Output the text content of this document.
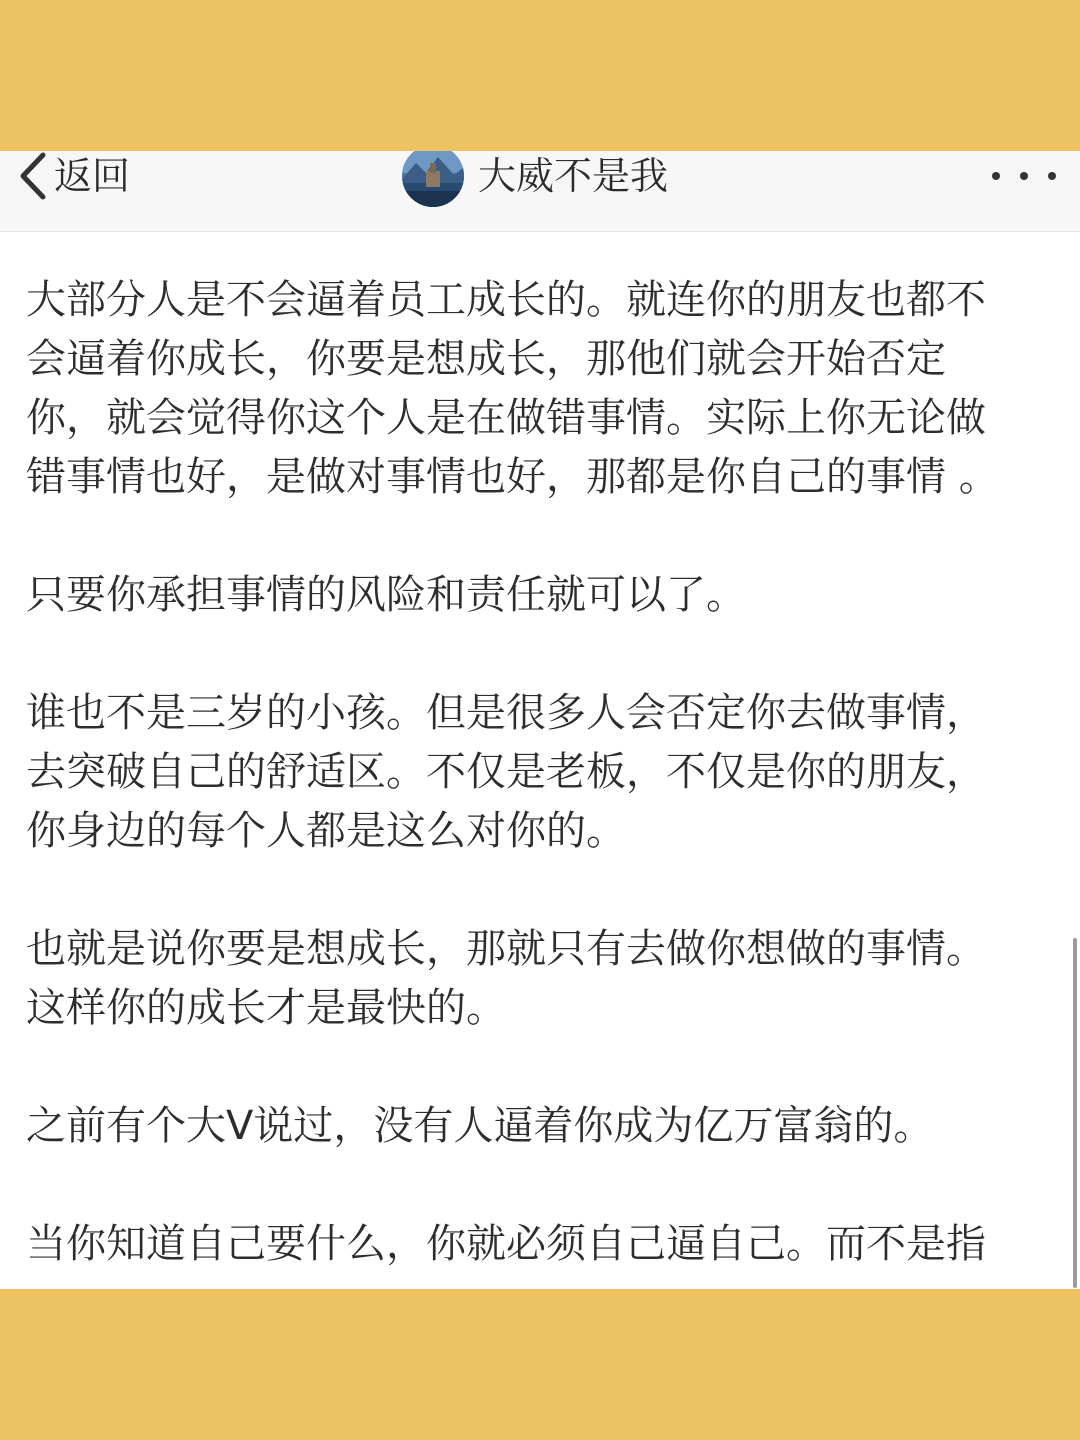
返回	大威不是我

大部分人是不会逼着员工成长的。就连你的朋友也都不
会逼着你成长，你要是想成长，那他们就会开始否定
你，就会觉得你这个人是在做错事情。实际上你无论做
错事情也好，是做对事情也好，那都是你自己的事情 。

只要你承担事情的风险和责任就可以了。

谁也不是三岁的小孩。但是很多人会否定你去做事情，
去突破自己的舒适区。不仅是老板，不仅是你的朋友，
你身边的每个人都是这么对你的。

也就是说你要是想成长，那就只有去做你想做的事情。
这样你的成长才是最快的。

之前有个大V说过，没有人逼着你成为亿万富翁的。

当你知道自己要什么，你就必须自己逼自己。而不是指
